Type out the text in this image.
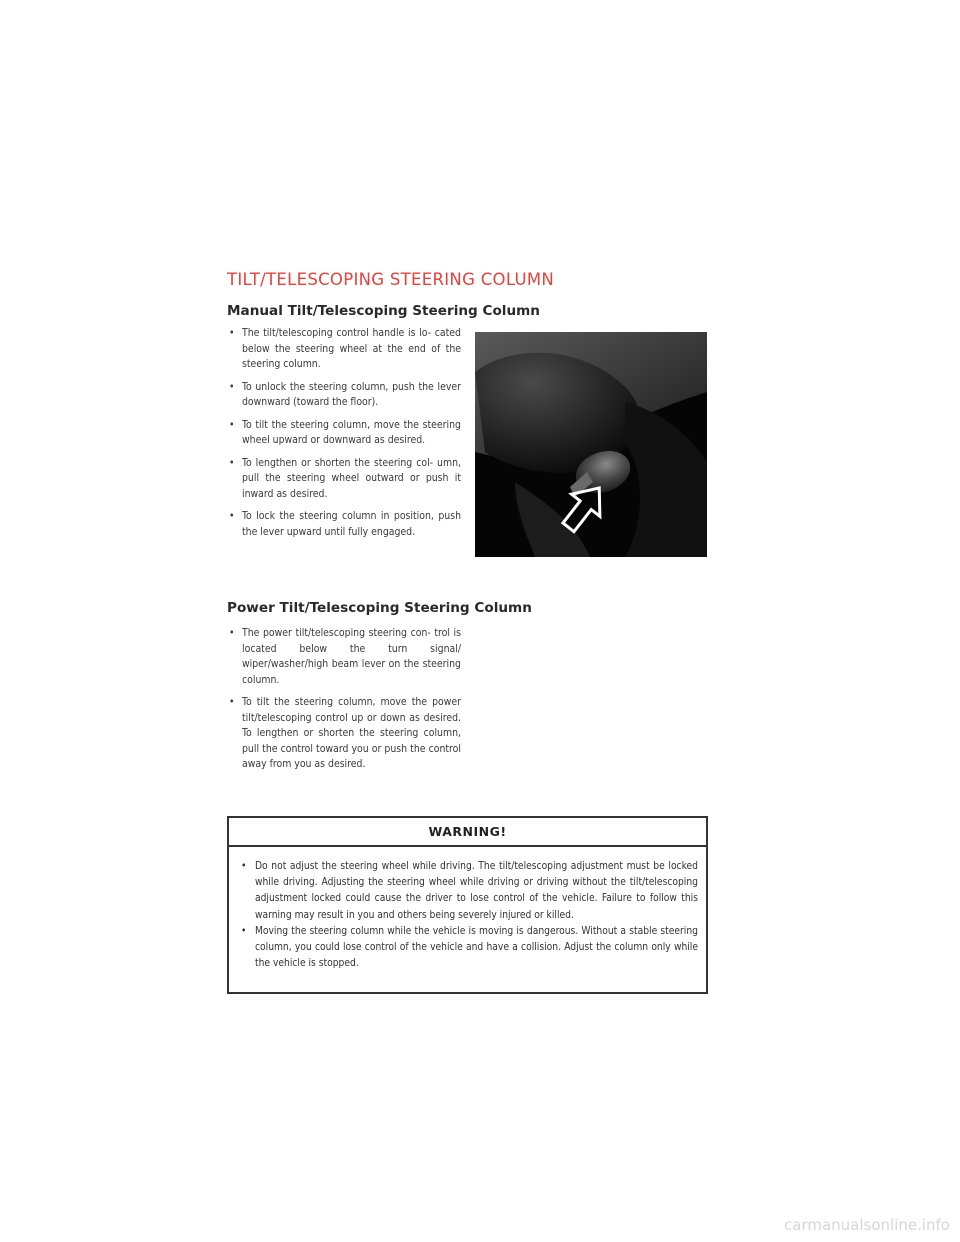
TILT/TELESCOPING STEERING COLUMN
Manual Tilt/Telescoping Steering Column
• The tilt/telescoping control handle is lo- cated below the steering wheel at the end of the steering column.
• To unlock the steering column, push the lever downward (toward the floor).
• To tilt the steering column, move the steering wheel upward or downward as desired.
• To lengthen or shorten the steering col- umn, pull the steering wheel outward or push it inward as desired.
• To lock the steering column in position, push the lever upward until fully engaged.
Power Tilt/Telescoping Steering Column
• The power tilt/telescoping steering con- trol is located below the turn signal/ wiper/washer/high beam lever on the steering column.
• To tilt the steering column, move the power tilt/telescoping control up or down as desired. To lengthen or shorten the steering column, pull the control toward you or push the control away from you as desired.
WARNING!
• Do not adjust the steering wheel while driving. The tilt/telescoping adjustment must be locked while driving. Adjusting the steering wheel while driving or driving without the tilt/telescoping adjustment locked could cause the driver to lose control of the vehicle. Failure to follow this warning may result in you and others being severely injured or killed.
• Moving the steering column while the vehicle is moving is dangerous. Without a stable steering column, you could lose control of the vehicle and have a collision. Adjust the column only while the vehicle is stopped.
carmanualsonline.info
